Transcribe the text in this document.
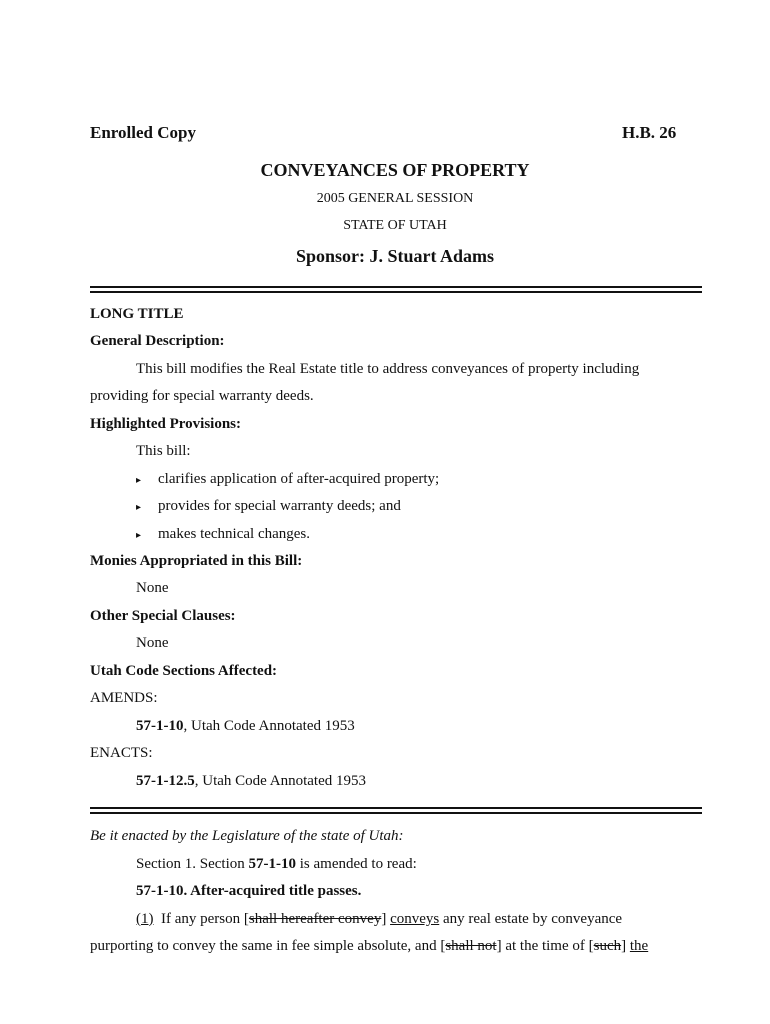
Enrolled Copy	H.B. 26
CONVEYANCES OF PROPERTY
2005 GENERAL SESSION
STATE OF UTAH
Sponsor: J. Stuart Adams
LONG TITLE
General Description:
This bill modifies the Real Estate title to address conveyances of property including
providing for special warranty deeds.
Highlighted Provisions:
This bill:
▸ clarifies application of after-acquired property;
▸ provides for special warranty deeds; and
▸ makes technical changes.
Monies Appropriated in this Bill:
None
Other Special Clauses:
None
Utah Code Sections Affected:
AMENDS:
57-1-10, Utah Code Annotated 1953
ENACTS:
57-1-12.5, Utah Code Annotated 1953
Be it enacted by the Legislature of the state of Utah:
Section 1. Section 57-1-10 is amended to read:
57-1-10. After-acquired title passes.
(1)  If any person [shall hereafter convey] conveys any real estate by conveyance
purporting to convey the same in fee simple absolute, and [shall not] at the time of [such] the
